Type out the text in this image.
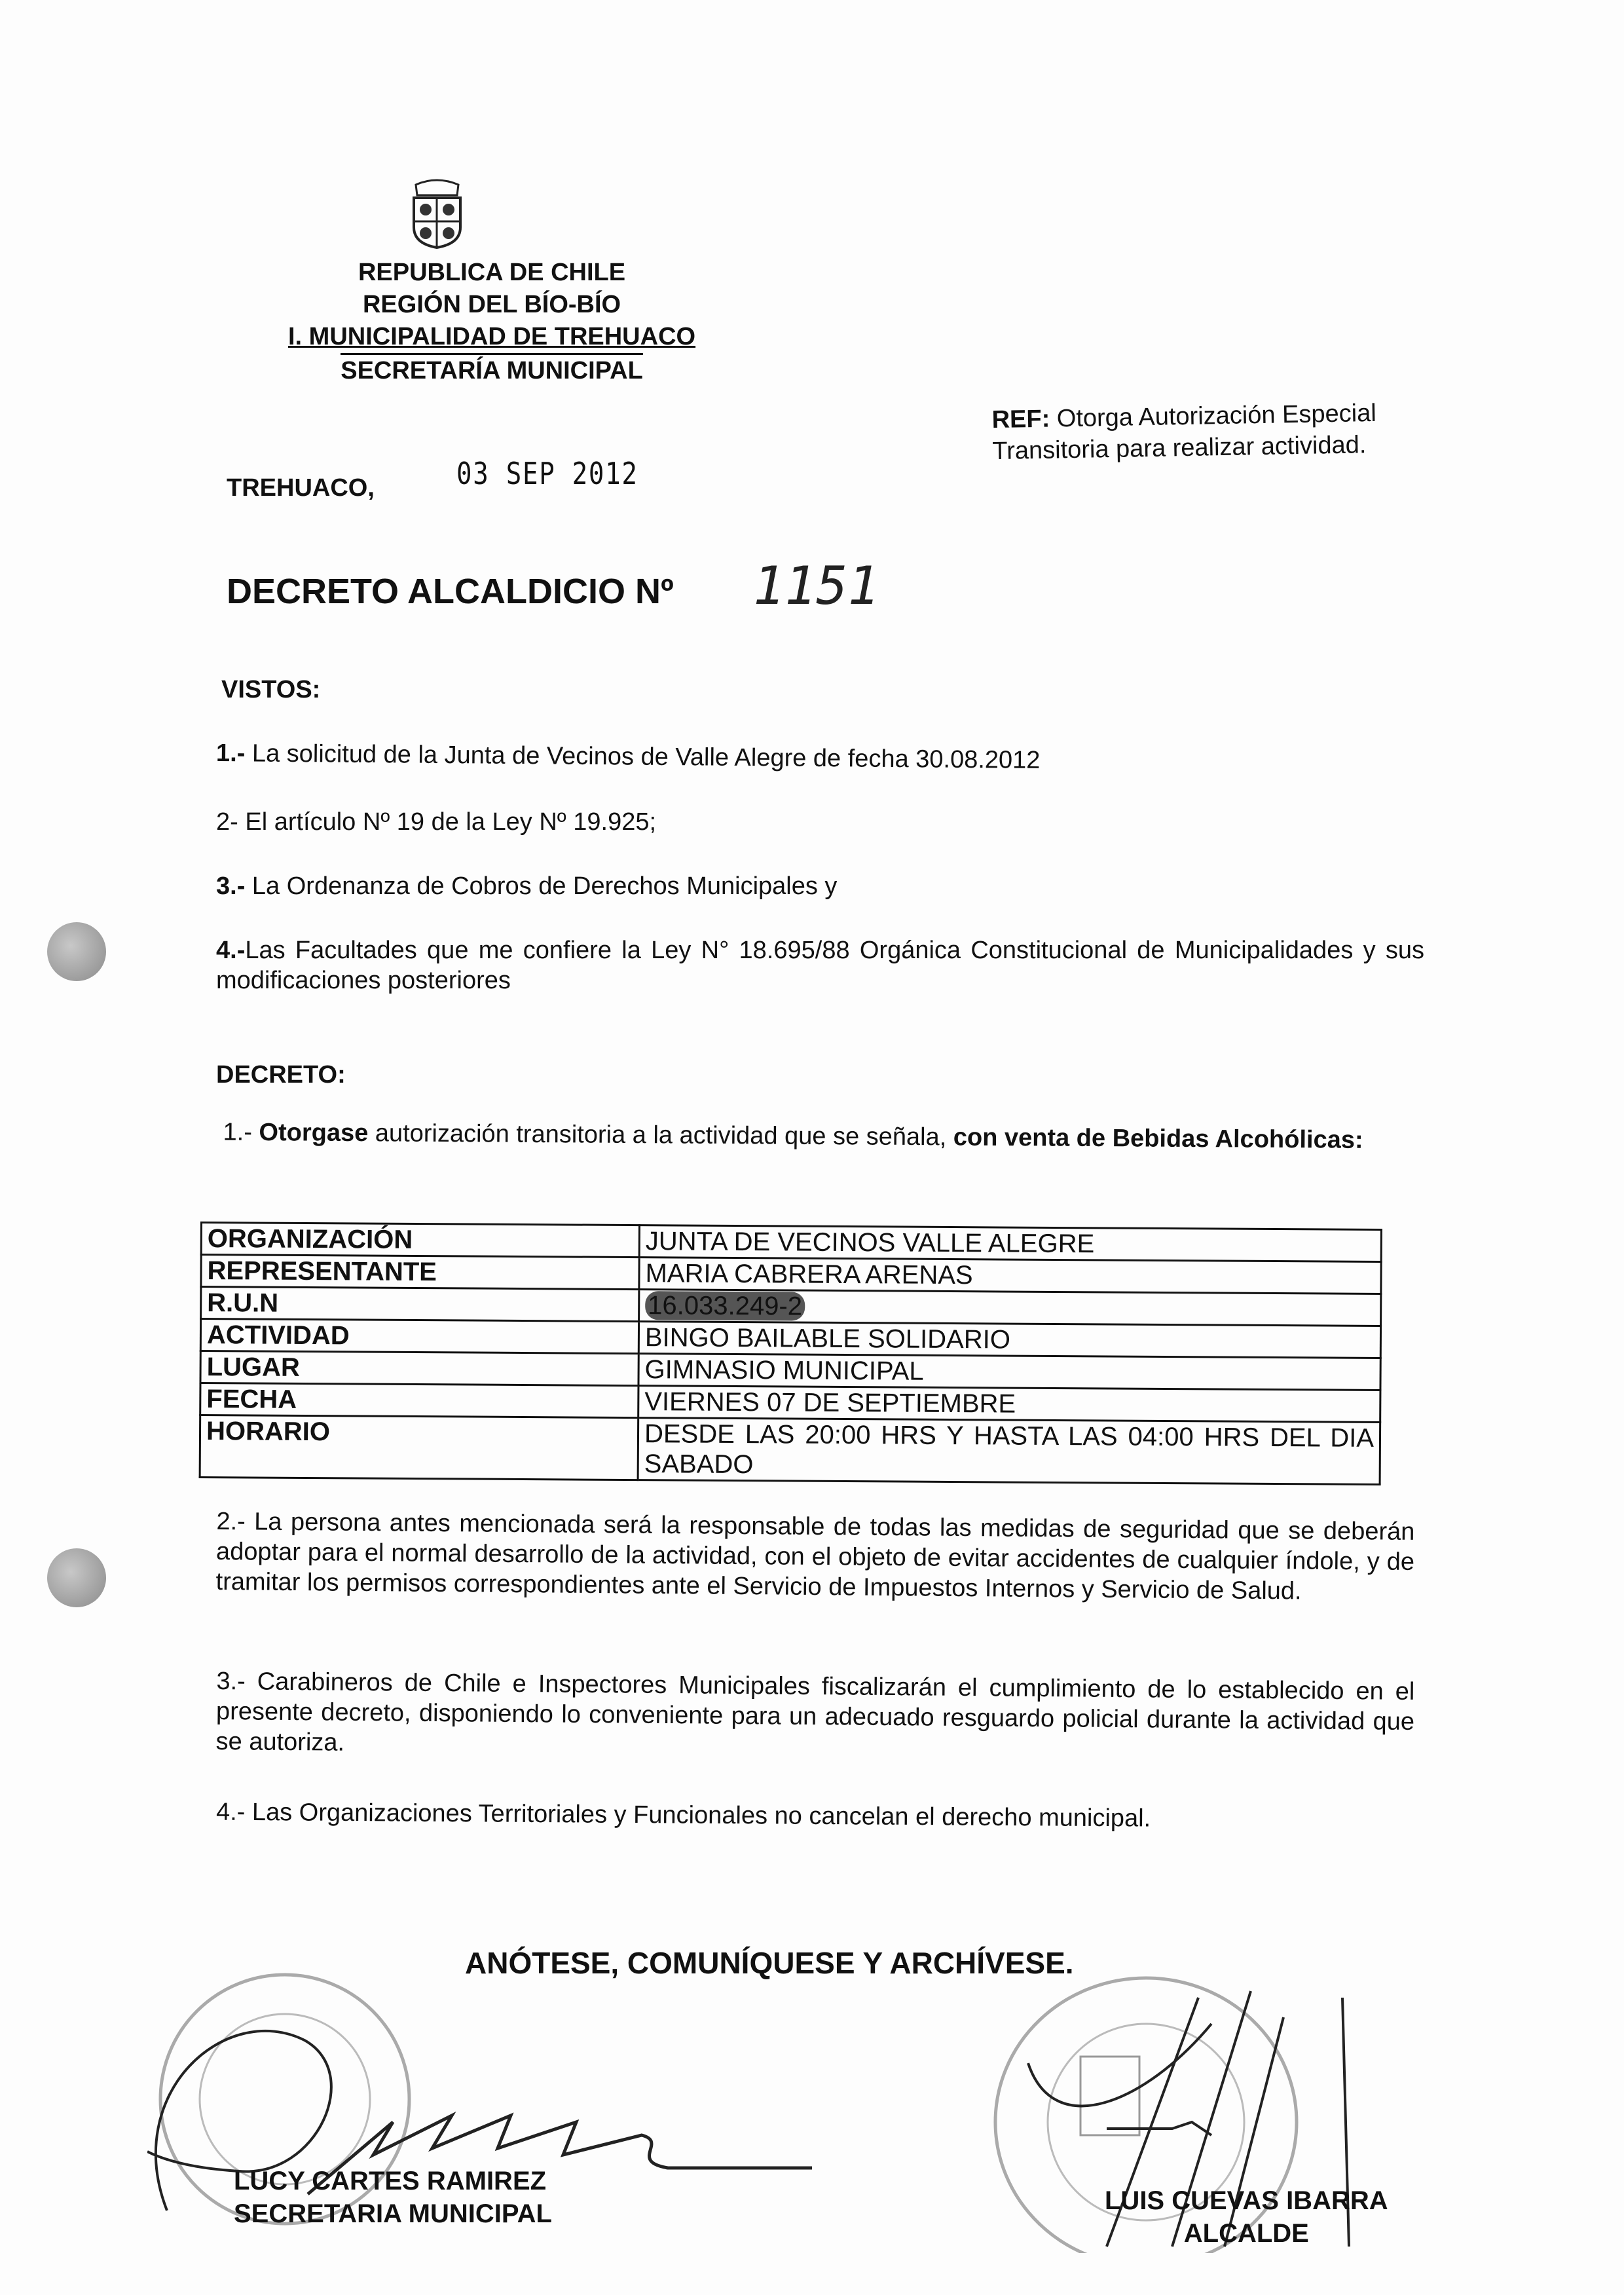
REPUBLICA DE CHILE
REGIÓN DEL BÍO-BÍO
I. MUNICIPALIDAD DE TREHUACO
SECRETARÍA MUNICIPAL
REF: Otorga Autorización Especial
Transitoria para realizar actividad.
TREHUACO,	03 SEP 2012
DECRETO ALCALDICIO Nº 1151
VISTOS:
1.- La solicitud de la Junta de Vecinos de Valle Alegre de fecha 30.08.2012
2- El artículo Nº 19 de la Ley Nº 19.925;
3.- La Ordenanza de Cobros de Derechos Municipales y
4.-Las Facultades que me confiere la Ley N° 18.695/88 Orgánica Constitucional de Municipalidades y sus modificaciones posteriores
DECRETO:
1.- Otorgase autorización transitoria a la actividad que se señala, con venta de Bebidas Alcohólicas:
ORGANIZACIÓN	JUNTA DE VECINOS VALLE ALEGRE
REPRESENTANTE	MARIA CABRERA ARENAS
R.U.N	16.033.249-2
ACTIVIDAD	BINGO BAILABLE SOLIDARIO
LUGAR	GIMNASIO MUNICIPAL
FECHA	VIERNES 07 DE SEPTIEMBRE
HORARIO	DESDE LAS 20:00 HRS Y HASTA LAS 04:00 HRS DEL DIA SABADO
2.- La persona antes mencionada será la responsable de todas las medidas de seguridad que se deberán adoptar para el normal desarrollo de la actividad, con el objeto de evitar accidentes de cualquier índole, y de tramitar los permisos correspondientes ante el Servicio de Impuestos Internos y Servicio de Salud.
3.- Carabineros de Chile e Inspectores Municipales fiscalizarán el cumplimiento de lo establecido en el presente decreto, disponiendo lo conveniente para un adecuado resguardo policial durante la actividad que se autoriza.
4.- Las Organizaciones Territoriales y Funcionales no cancelan el derecho municipal.
ANÓTESE, COMUNÍQUESE Y ARCHÍVESE.
LUCY CARTES RAMIREZ
SECRETARIA MUNICIPAL	LUIS CUEVAS IBARRA
ALCALDE
